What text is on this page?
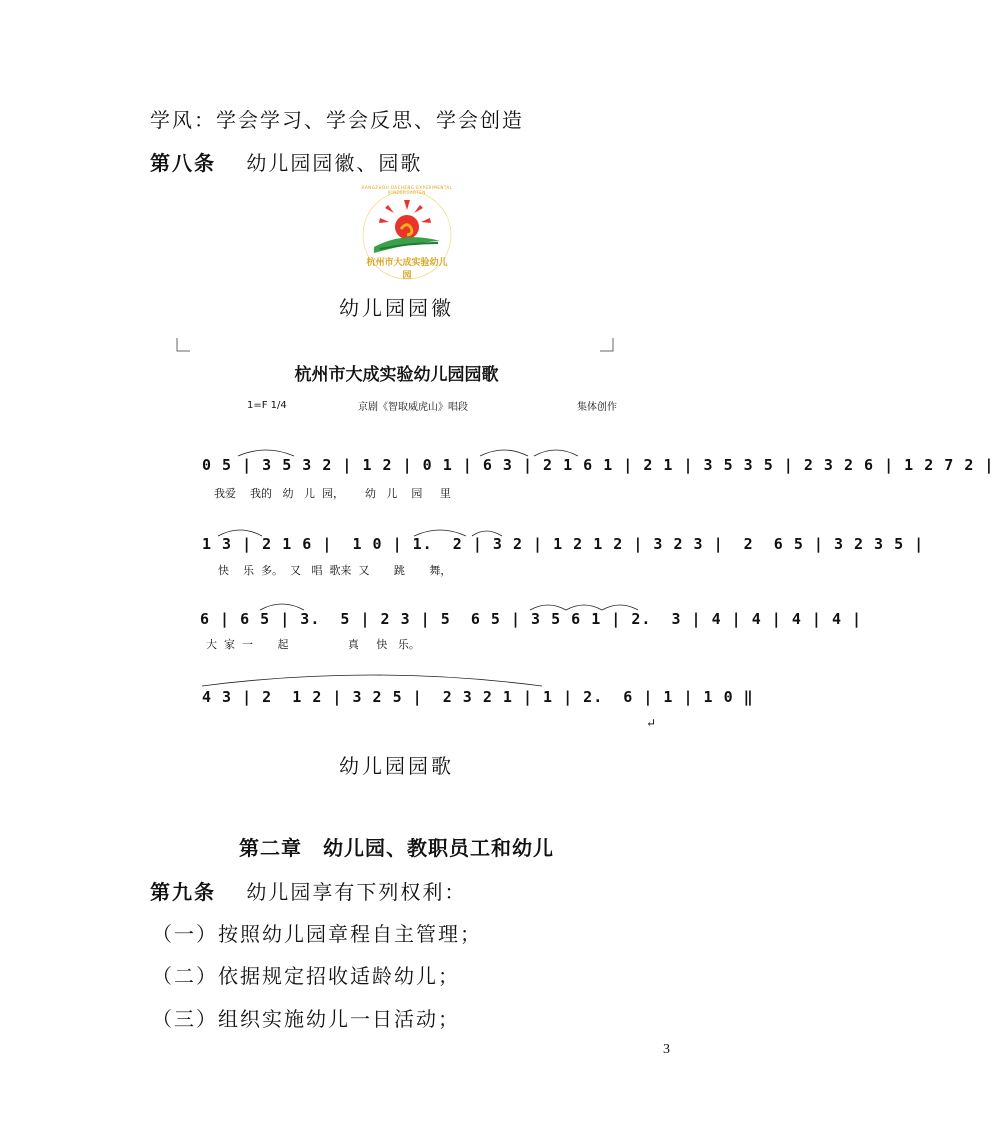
学风：学会学习、学会反思、学会创造
第八条 幼儿园园徽、园歌
杭州市大成实验幼儿园
HANGZHOU DACHENG EXPERIMENTAL KINDERGARTEN
幼儿园园徽
杭州市大成实验幼儿园园歌
1=F 1/4	京剧《智取威虎山》唱段	集体创作
0 5 | 3 5 3 2 | 1 2 | 0 1 | 6 3 | 2 1 6 1 | 2 1 | 3 5 3 5 | 2 3 2 6 | 1 2 7 2 |
我爱    我的   幼   儿  园，      幼   儿    园     里
1 3 | 2 1 6 |  1 0 | 1.  2 | 3 2 | 1 2 1 2 | 3 2 3 |  2  6 5 | 3 2 3 5 |
快    乐  多。  又   唱  歌来  又       跳       舞，
6 | 6 5 | 3.  5 | 2 3 | 5  6 5 | 3 5 6 1 | 2.  3 | 4 | 4 | 4 | 4 |
大  家  一       起                 真     快   乐。
4 3 | 2  1 2 | 3 2 5 |  2 3 2 1 | 1 | 2.  6 | 1 | 1 0 ‖
↵
幼儿园园歌
第二章　幼儿园、教职员工和幼儿
第九条 幼儿园享有下列权利：
（一）按照幼儿园章程自主管理；
（二）依据规定招收适龄幼儿；
（三）组织实施幼儿一日活动；
3
